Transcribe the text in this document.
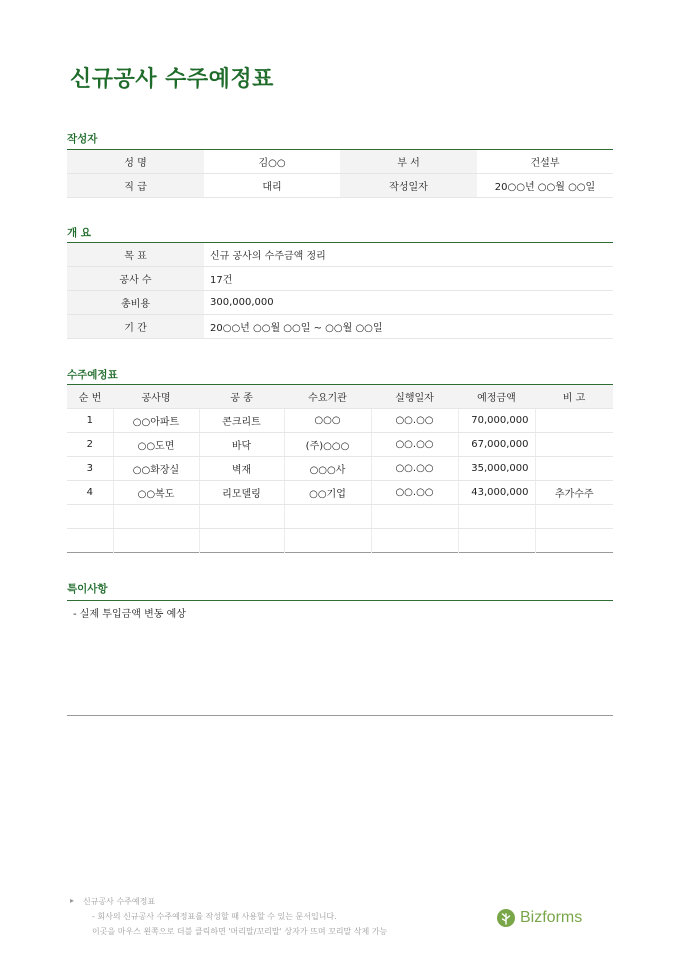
신규공사 수주예정표
작성자
성 명	김○○	부 서	건설부
직 급	대리	작성일자	20○○년 ○○월 ○○일
개 요
목 표	신규 공사의 수주금액 정리
공사 수	17건
총비용	300,000,000
기 간	20○○년 ○○월 ○○일 ~ ○○월 ○○일
수주예정표
순 번	공사명	공 종	수요기관	실행일자	예정금액	비 고
1	○○아파트	콘크리트	○○○	○○.○○	70,000,000	
2	○○도면	바닥	(주)○○○	○○.○○	67,000,000	
3	○○화장실	벽재	○○○사	○○.○○	35,000,000	
4	○○복도	리모델링	○○기업	○○.○○	43,000,000	추가수주

특이사항
- 실제 투입금액 변동 예상
▸ 신규공사 수주예정표
- 회사의 신규공사 수주예정표를 작성할 때 사용할 수 있는 문서입니다.
이곳을 마우스 왼쪽으로 더블 클릭하면 '머리말/꼬리말' 상자가 뜨며 꼬리말 삭제 가능
Bizforms
